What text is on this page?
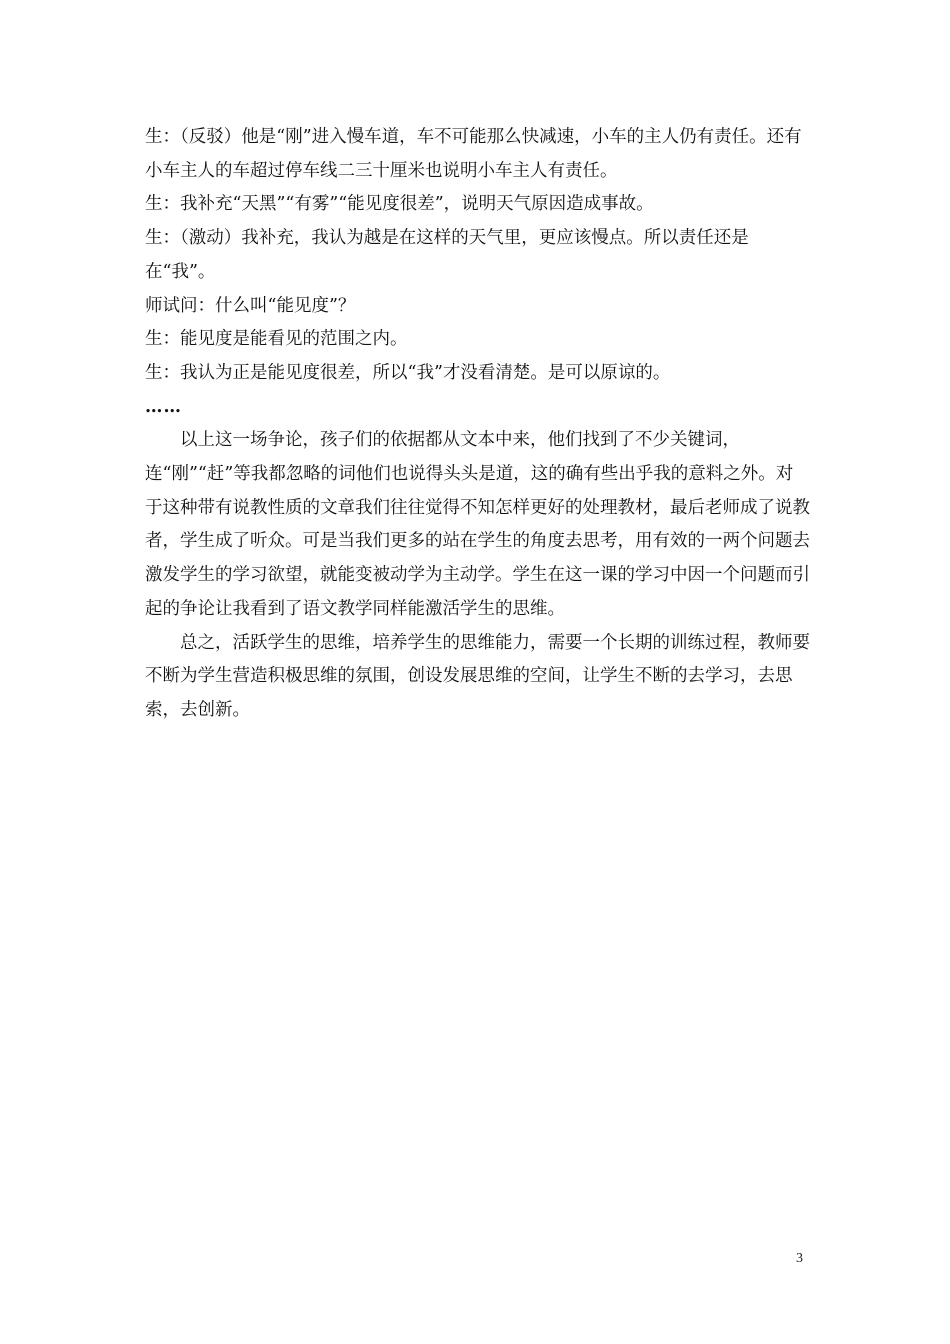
生：（反驳）他是“刚”进入慢车道，车不可能那么快减速，小车的主人仍有责任。还有小车主人的车超过停车线二三十厘米也说明小车主人有责任。

生：我补充“天黑”“有雾”“能见度很差”，说明天气原因造成事故。

生：（激动）我补充，我认为越是在这样的天气里，更应该慢点。所以责任还是在“我”。

师试问：什么叫“能见度”？

生：能见度是能看见的范围之内。

生：我认为正是能见度很差，所以“我”才没看清楚。是可以原谅的。

……

以上这一场争论，孩子们的依据都从文本中来，他们找到了不少关键词，连“刚”“赶”等我都忽略的词他们也说得头头是道，这的确有些出乎我的意料之外。对于这种带有说教性质的文章我们往往觉得不知怎样更好的处理教材，最后老师成了说教者，学生成了听众。可是当我们更多的站在学生的角度去思考，用有效的一两个问题去激发学生的学习欲望，就能变被动学为主动学。学生在这一课的学习中因一个问题而引起的争论让我看到了语文教学同样能激活学生的思维。

总之，活跃学生的思维，培养学生的思维能力，需要一个长期的训练过程，教师要不断为学生营造积极思维的氛围，创设发展思维的空间，让学生不断的去学习，去思索，去创新。

3
